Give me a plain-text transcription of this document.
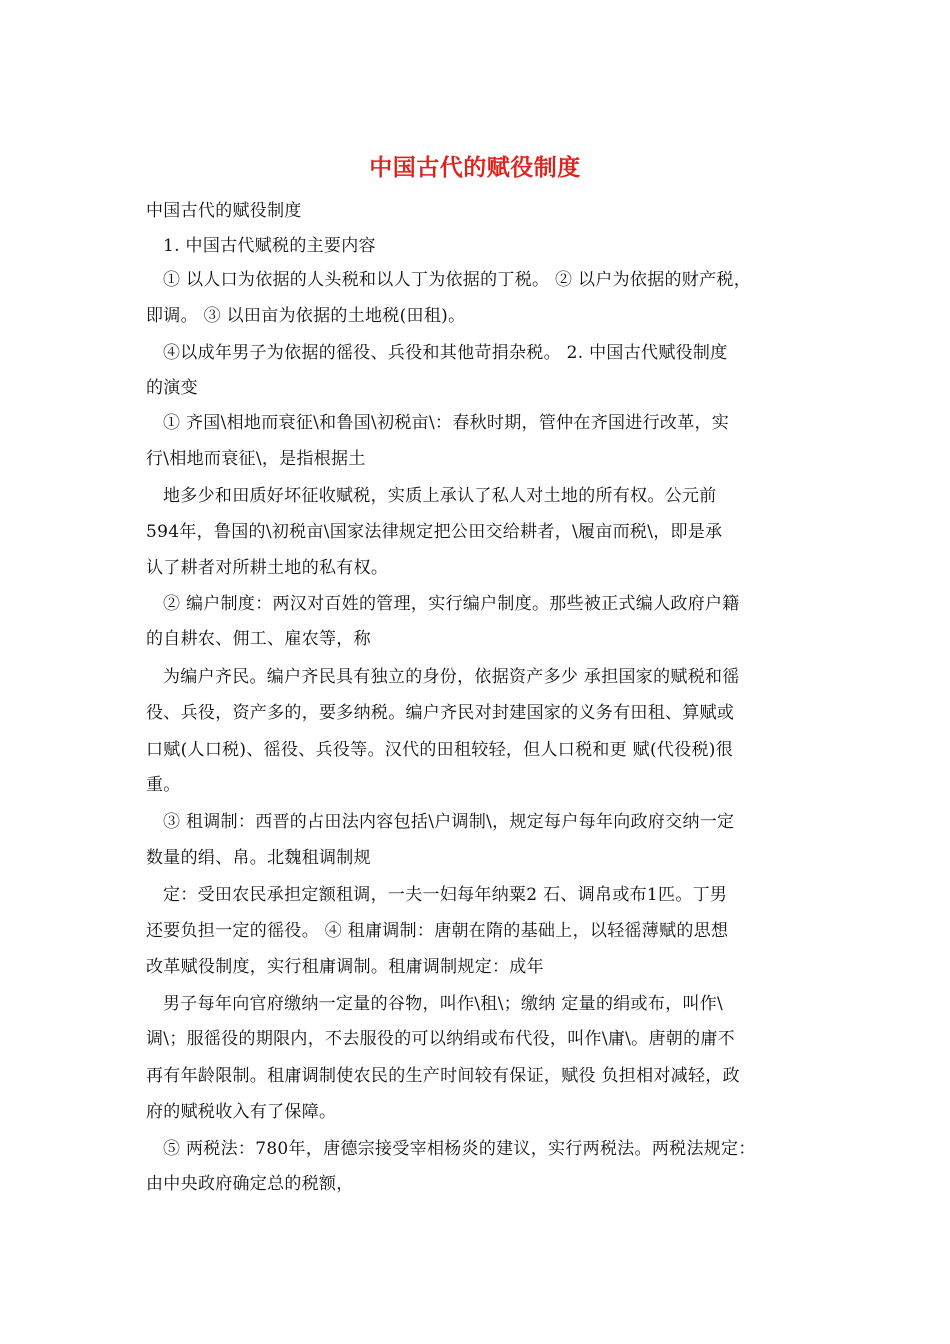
中国古代的赋役制度
中国古代的赋役制度
1. 中国古代赋税的主要内容
① 以人口为依据的人头税和以人丁为依据的丁税。 ② 以户为依据的财产税，
即调。 ③ 以田亩为依据的土地税(田租)。
④以成年男子为依据的徭役、兵役和其他苛捐杂税。 2. 中国古代赋役制度
的演变
① 齐国\相地而衰征\和鲁国\初税亩\：春秋时期，管仲在齐国进行改革，实
行\相地而衰征\，是指根据土
地多少和田质好坏征收赋税，实质上承认了私人对土地的所有权。公元前
594年，鲁国的\初税亩\国家法律规定把公田交给耕者，\履亩而税\，即是承
认了耕者对所耕土地的私有权。
② 编户制度：两汉对百姓的管理，实行编户制度。那些被正式编人政府户籍
的自耕农、佣工、雇农等，称
为编户齐民。编户齐民具有独立的身份，依据资产多少 承担国家的赋税和徭
役、兵役，资产多的，要多纳税。编户齐民对封建国家的义务有田租、算赋或
口赋(人口税)、徭役、兵役等。汉代的田租较轻，但人口税和更 赋(代役税)很
重。
③ 租调制：西晋的占田法内容包括\户调制\，规定每户每年向政府交纳一定
数量的绢、帛。北魏租调制规
定：受田农民承担定额租调，一夫一妇每年纳粟2 石、调帛或布1匹。丁男
还要负担一定的徭役。 ④ 租庸调制：唐朝在隋的基础上，以轻徭薄赋的思想
改革赋役制度，实行租庸调制。租庸调制规定：成年
男子每年向官府缴纳一定量的谷物，叫作\租\；缴纳 定量的绢或布，叫作\
调\；服徭役的期限内，不去服役的可以纳绢或布代役，叫作\庸\。唐朝的庸不
再有年龄限制。租庸调制使农民的生产时间较有保证，赋役 负担相对减轻，政
府的赋税收入有了保障。
⑤ 两税法：780年，唐德宗接受宰相杨炎的建议，实行两税法。两税法规定：
由中央政府确定总的税额，
